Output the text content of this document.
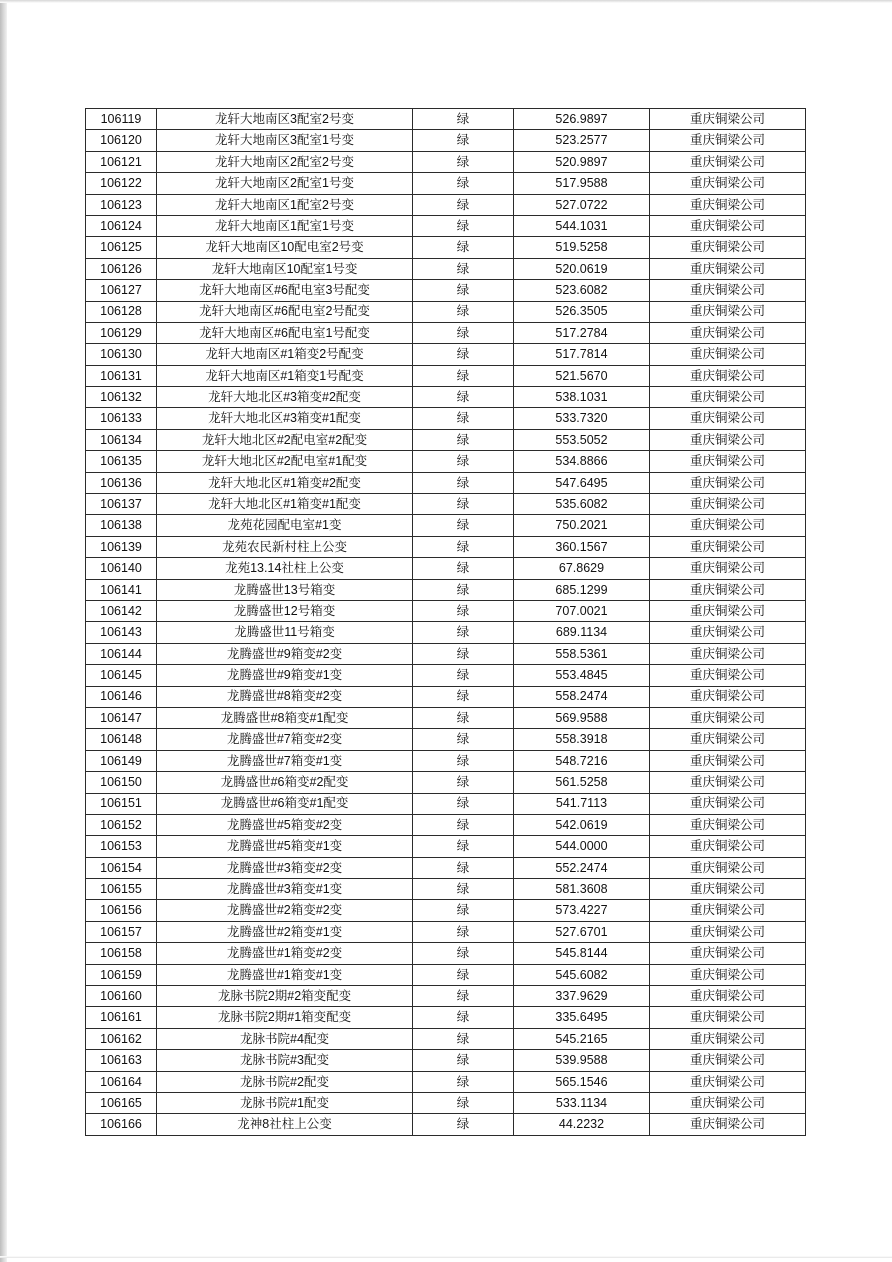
106119	龙轩大地南区3配室2号变	绿	526.9897	重庆铜梁公司
106120	龙轩大地南区3配室1号变	绿	523.2577	重庆铜梁公司
106121	龙轩大地南区2配室2号变	绿	520.9897	重庆铜梁公司
106122	龙轩大地南区2配室1号变	绿	517.9588	重庆铜梁公司
106123	龙轩大地南区1配室2号变	绿	527.0722	重庆铜梁公司
106124	龙轩大地南区1配室1号变	绿	544.1031	重庆铜梁公司
106125	龙轩大地南区10配电室2号变	绿	519.5258	重庆铜梁公司
106126	龙轩大地南区10配室1号变	绿	520.0619	重庆铜梁公司
106127	龙轩大地南区#6配电室3号配变	绿	523.6082	重庆铜梁公司
106128	龙轩大地南区#6配电室2号配变	绿	526.3505	重庆铜梁公司
106129	龙轩大地南区#6配电室1号配变	绿	517.2784	重庆铜梁公司
106130	龙轩大地南区#1箱变2号配变	绿	517.7814	重庆铜梁公司
106131	龙轩大地南区#1箱变1号配变	绿	521.5670	重庆铜梁公司
106132	龙轩大地北区#3箱变#2配变	绿	538.1031	重庆铜梁公司
106133	龙轩大地北区#3箱变#1配变	绿	533.7320	重庆铜梁公司
106134	龙轩大地北区#2配电室#2配变	绿	553.5052	重庆铜梁公司
106135	龙轩大地北区#2配电室#1配变	绿	534.8866	重庆铜梁公司
106136	龙轩大地北区#1箱变#2配变	绿	547.6495	重庆铜梁公司
106137	龙轩大地北区#1箱变#1配变	绿	535.6082	重庆铜梁公司
106138	龙苑花园配电室#1变	绿	750.2021	重庆铜梁公司
106139	龙苑农民新村柱上公变	绿	360.1567	重庆铜梁公司
106140	龙苑13.14社柱上公变	绿	67.8629	重庆铜梁公司
106141	龙腾盛世13号箱变	绿	685.1299	重庆铜梁公司
106142	龙腾盛世12号箱变	绿	707.0021	重庆铜梁公司
106143	龙腾盛世11号箱变	绿	689.1134	重庆铜梁公司
106144	龙腾盛世#9箱变#2变	绿	558.5361	重庆铜梁公司
106145	龙腾盛世#9箱变#1变	绿	553.4845	重庆铜梁公司
106146	龙腾盛世#8箱变#2变	绿	558.2474	重庆铜梁公司
106147	龙腾盛世#8箱变#1配变	绿	569.9588	重庆铜梁公司
106148	龙腾盛世#7箱变#2变	绿	558.3918	重庆铜梁公司
106149	龙腾盛世#7箱变#1变	绿	548.7216	重庆铜梁公司
106150	龙腾盛世#6箱变#2配变	绿	561.5258	重庆铜梁公司
106151	龙腾盛世#6箱变#1配变	绿	541.7113	重庆铜梁公司
106152	龙腾盛世#5箱变#2变	绿	542.0619	重庆铜梁公司
106153	龙腾盛世#5箱变#1变	绿	544.0000	重庆铜梁公司
106154	龙腾盛世#3箱变#2变	绿	552.2474	重庆铜梁公司
106155	龙腾盛世#3箱变#1变	绿	581.3608	重庆铜梁公司
106156	龙腾盛世#2箱变#2变	绿	573.4227	重庆铜梁公司
106157	龙腾盛世#2箱变#1变	绿	527.6701	重庆铜梁公司
106158	龙腾盛世#1箱变#2变	绿	545.8144	重庆铜梁公司
106159	龙腾盛世#1箱变#1变	绿	545.6082	重庆铜梁公司
106160	龙脉书院2期#2箱变配变	绿	337.9629	重庆铜梁公司
106161	龙脉书院2期#1箱变配变	绿	335.6495	重庆铜梁公司
106162	龙脉书院#4配变	绿	545.2165	重庆铜梁公司
106163	龙脉书院#3配变	绿	539.9588	重庆铜梁公司
106164	龙脉书院#2配变	绿	565.1546	重庆铜梁公司
106165	龙脉书院#1配变	绿	533.1134	重庆铜梁公司
106166	龙神8社柱上公变	绿	44.2232	重庆铜梁公司
